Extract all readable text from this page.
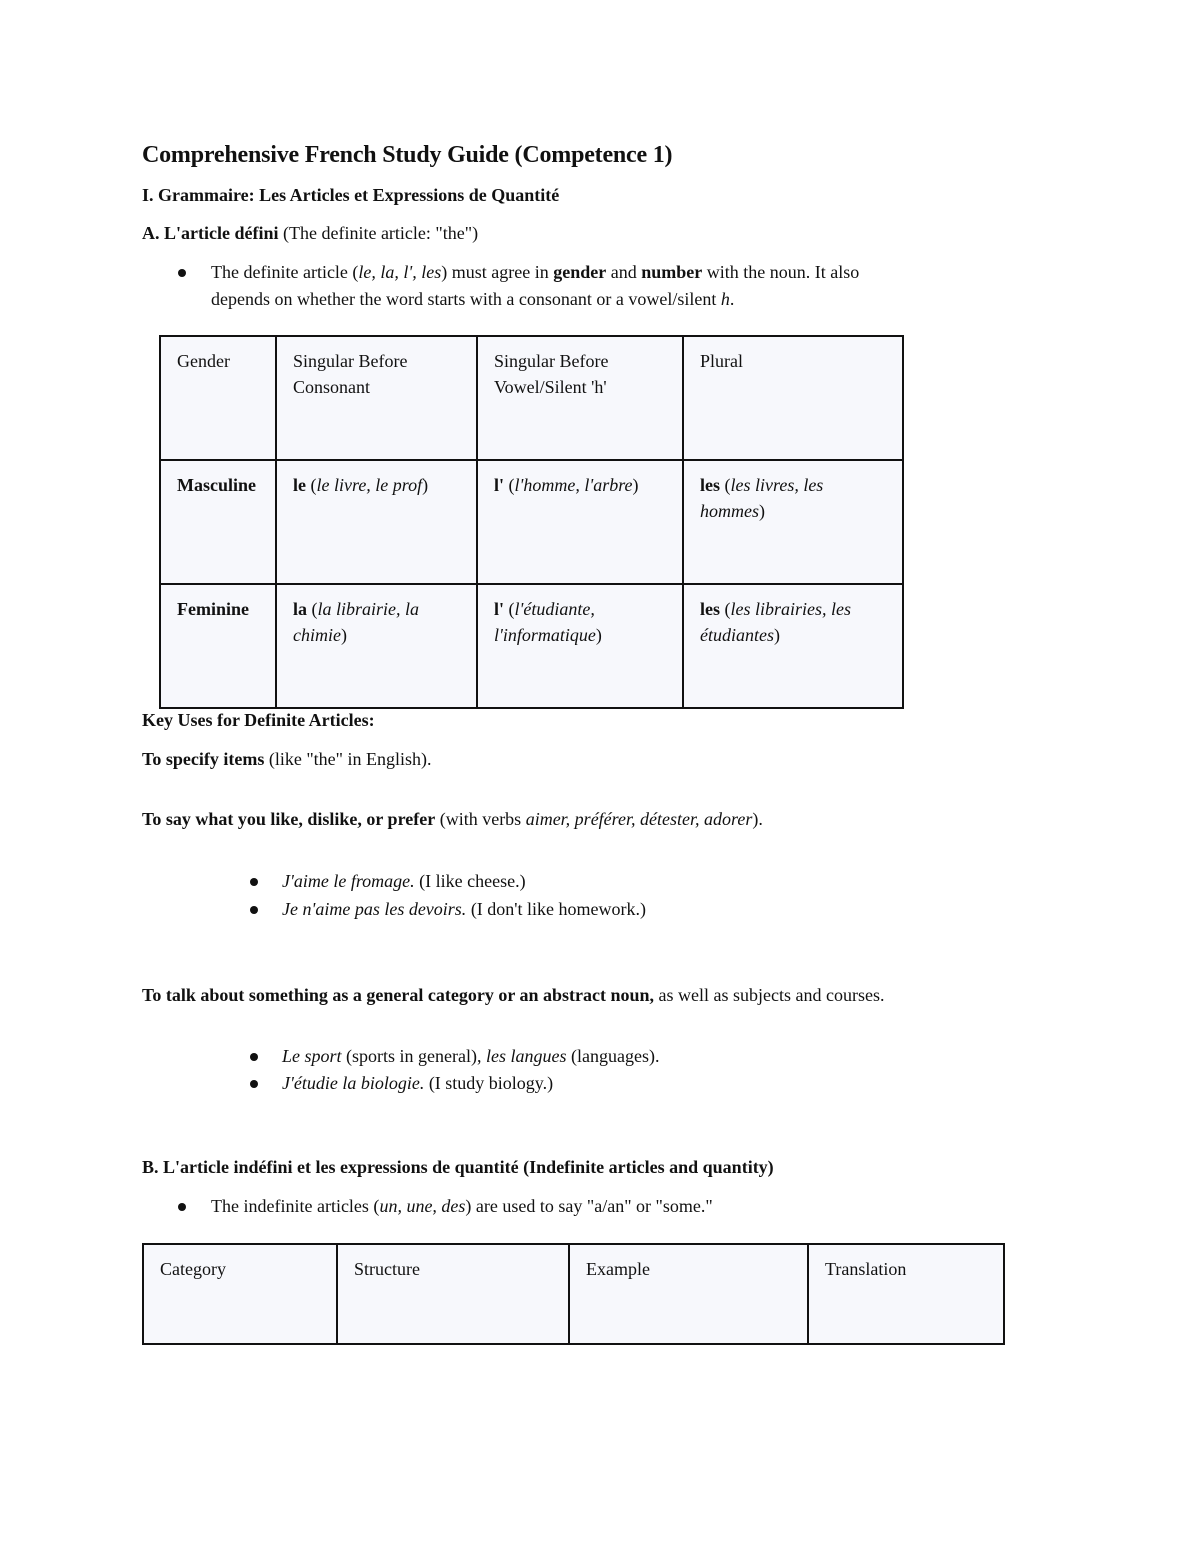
Comprehensive French Study Guide (Competence 1)
I. Grammaire: Les Articles et Expressions de Quantité
A. L'article défini (The definite article: "the")
The definite article (le, la, l', les) must agree in gender and number with the noun. It also
depends on whether the word starts with a consonant or a vowel/silent h.
Gender	Singular Before Consonant	Singular Before Vowel/Silent 'h'	Plural
Masculine	le (le livre, le prof)	l' (l'homme, l'arbre)	les (les livres, les hommes)
Feminine	la (la librairie, la chimie)	l' (l'étudiante, l'informatique)	les (les librairies, les étudiantes)
Key Uses for Definite Articles:
To specify items (like "the" in English).
To say what you like, dislike, or prefer (with verbs aimer, préférer, détester, adorer).
J'aime le fromage. (I like cheese.)
Je n'aime pas les devoirs. (I don't like homework.)
To talk about something as a general category or an abstract noun, as well as subjects and courses.
Le sport (sports in general), les langues (languages).
J'étudie la biologie. (I study biology.)
B. L'article indéfini et les expressions de quantité (Indefinite articles and quantity)
The indefinite articles (un, une, des) are used to say "a/an" or "some."
Category	Structure	Example	Translation
